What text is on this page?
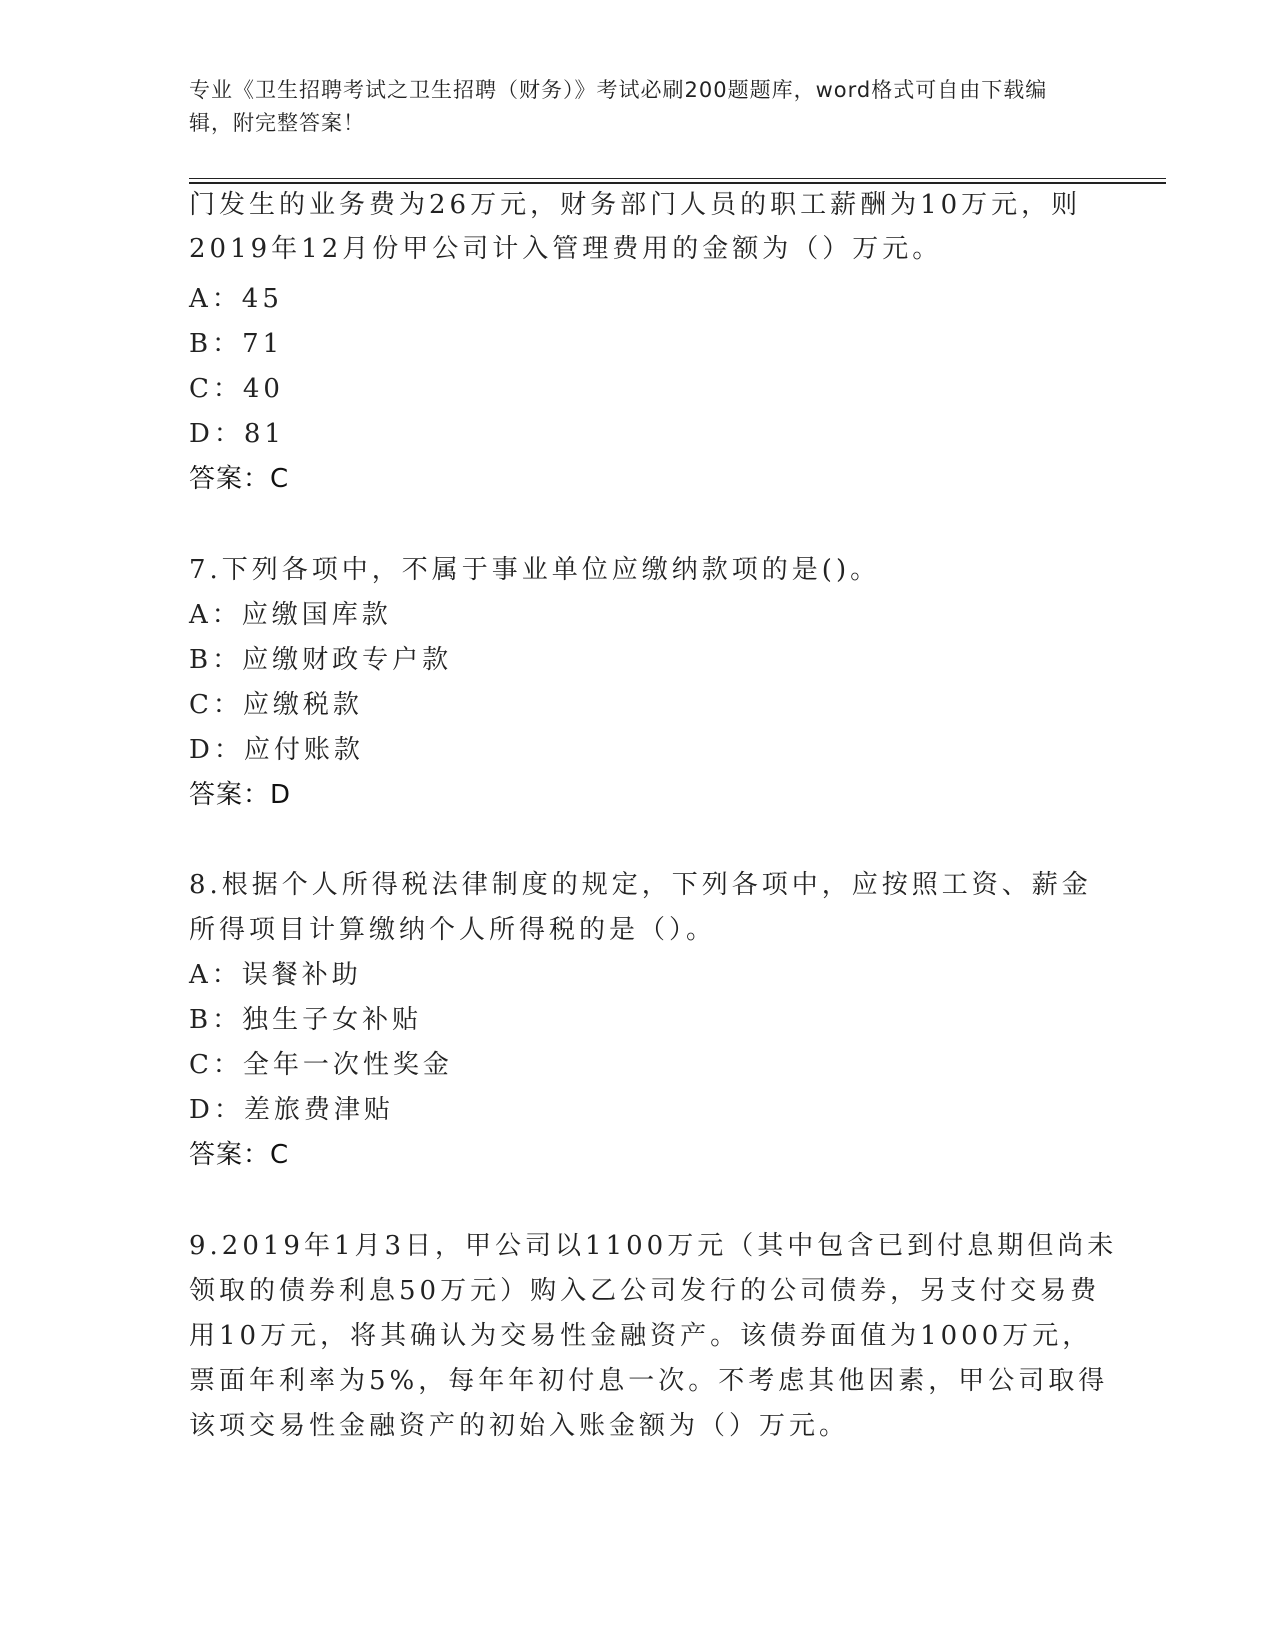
专业《卫生招聘考试之卫生招聘（财务）》考试必刷200题题库，word格式可自由下载编辑，附完整答案！
门发生的业务费为26万元，财务部门人员的职工薪酬为10万元，则
2019年12月份甲公司计入管理费用的金额为（）万元。
A：45
B：71
C：40
D：81
答案：C
7.下列各项中，不属于事业单位应缴纳款项的是()。
A：应缴国库款
B：应缴财政专户款
C：应缴税款
D：应付账款
答案：D
8.根据个人所得税法律制度的规定，下列各项中，应按照工资、薪金
所得项目计算缴纳个人所得税的是（）。
A：误餐补助
B：独生子女补贴
C：全年一次性奖金
D：差旅费津贴
答案：C
9.2019年1月3日，甲公司以1100万元（其中包含已到付息期但尚未
领取的债券利息50万元）购入乙公司发行的公司债券，另支付交易费
用10万元，将其确认为交易性金融资产。该债券面值为1000万元，
票面年利率为5%，每年年初付息一次。不考虑其他因素，甲公司取得
该项交易性金融资产的初始入账金额为（）万元。
